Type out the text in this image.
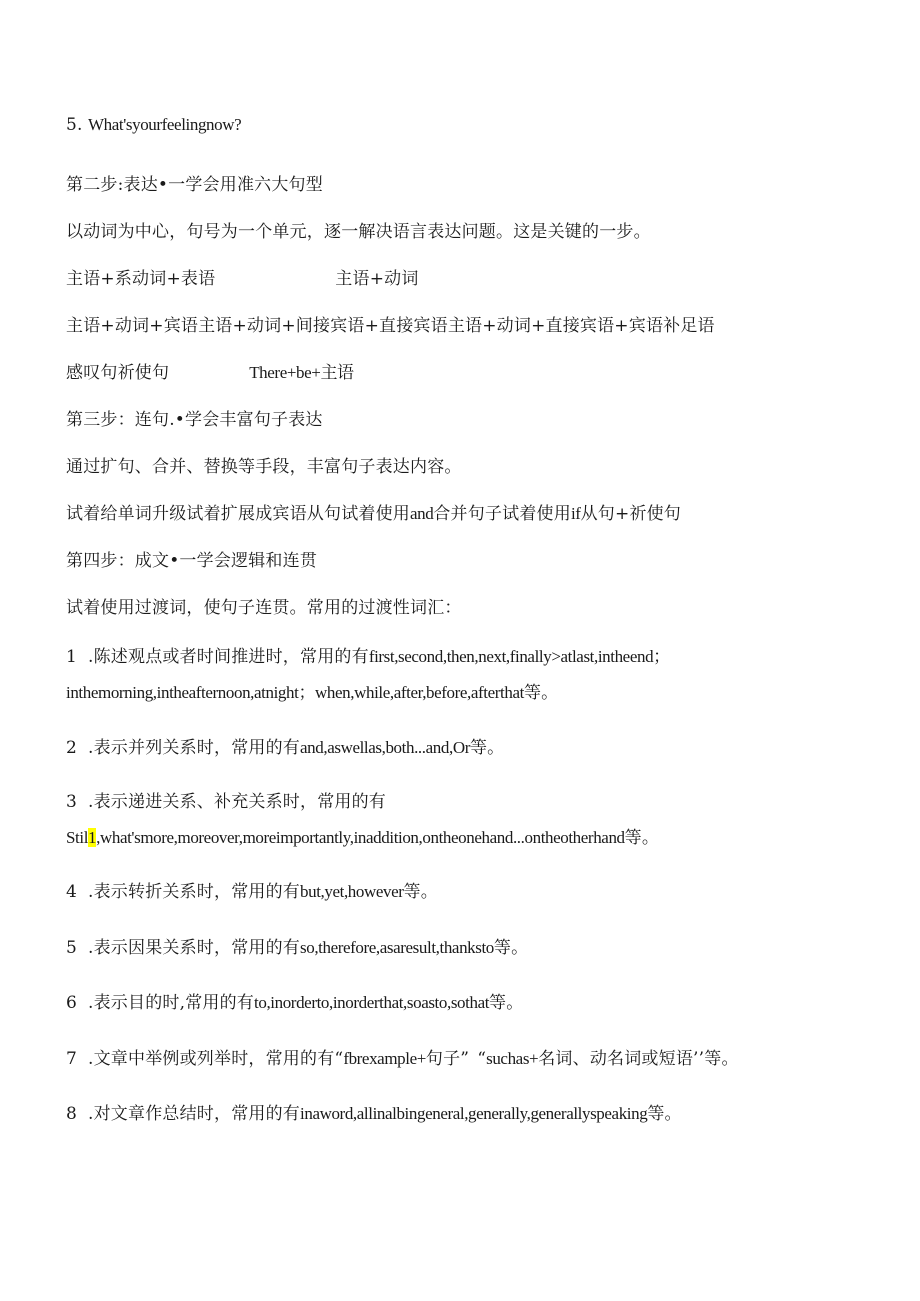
5. What'syourfeelingnow?
第二步:表达•一学会用准六大句型
以动词为中心，句号为一个单元，逐一解决语言表达问题。这是关键的一步。
主语+系动词+表语	主语+动词
主语+动词+宾语主语+动词+间接宾语+直接宾语主语+动词+直接宾语+宾语补足语
感叹句祈使句	There+be+主语
第三步：连句.•学会丰富句子表达
通过扩句、合并、替换等手段，丰富句子表达内容。
试着给单词升级试着扩展成宾语从句试着使用and合并句子试着使用if从句+祈使句
第四步：成文•一学会逻辑和连贯
试着使用过渡词，使句子连贯。常用的过渡性词汇：
1 .陈述观点或者时间推进时，常用的有first,second,then,next,finally>atlast,intheend；
inthemorning,intheafternoon,atnight；when,while,after,before,afterthat等。
2 .表示并列关系时，常用的有and,aswellas,both...and,Or等。
3 .表示递进关系、补充关系时，常用的有
Stil1,what'smore,moreover,moreimportantly,inaddition,ontheonehand...ontheotherhand等。
4 .表示转折关系时，常用的有but,yet,however等。
5 .表示因果关系时，常用的有so,therefore,asaresult,thanksto等。
6 .表示目的时,常用的有to,inorderto,inorderthat,soasto,sothat等。
7 .文章中举例或列举时，常用的有“fbrexample+句子” “suchas+名词、动名词或短语’’等。
8 .对文章作总结时，常用的有inaword,allinalbingeneral,generally,generallyspeaking等。
